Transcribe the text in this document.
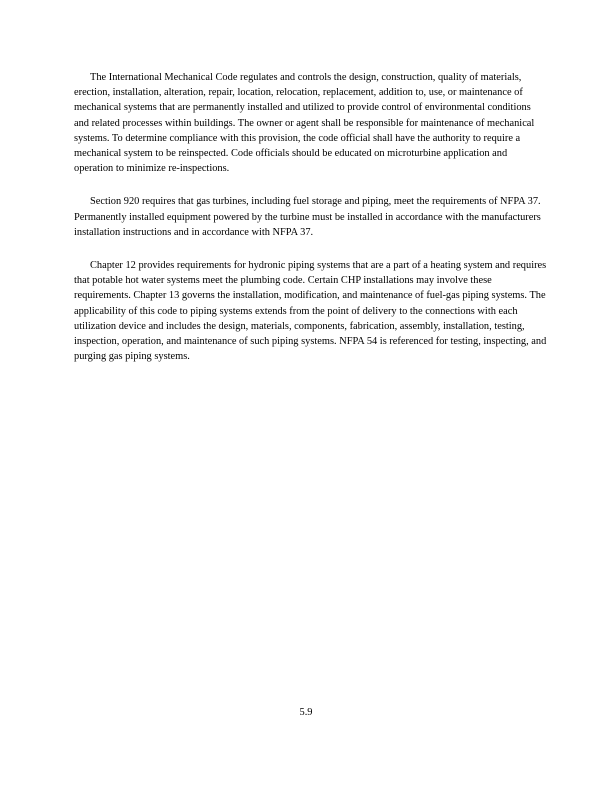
The International Mechanical Code regulates and controls the design, construction, quality of materials, erection, installation, alteration, repair, location, relocation, replacement, addition to, use, or maintenance of mechanical systems that are permanently installed and utilized to provide control of environmental conditions and related processes within buildings. The owner or agent shall be responsible for maintenance of mechanical systems. To determine compliance with this provision, the code official shall have the authority to require a mechanical system to be reinspected. Code officials should be educated on microturbine application and operation to minimize re-inspections.

Section 920 requires that gas turbines, including fuel storage and piping, meet the requirements of NFPA 37. Permanently installed equipment powered by the turbine must be installed in accordance with the manufacturers installation instructions and in accordance with NFPA 37.

Chapter 12 provides requirements for hydronic piping systems that are a part of a heating system and requires that potable hot water systems meet the plumbing code. Certain CHP installations may involve these requirements. Chapter 13 governs the installation, modification, and maintenance of fuel-gas piping systems. The applicability of this code to piping systems extends from the point of delivery to the connections with each utilization device and includes the design, materials, components, fabrication, assembly, installation, testing, inspection, operation, and maintenance of such piping systems. NFPA 54 is referenced for testing, inspecting, and purging gas piping systems.

5.9
